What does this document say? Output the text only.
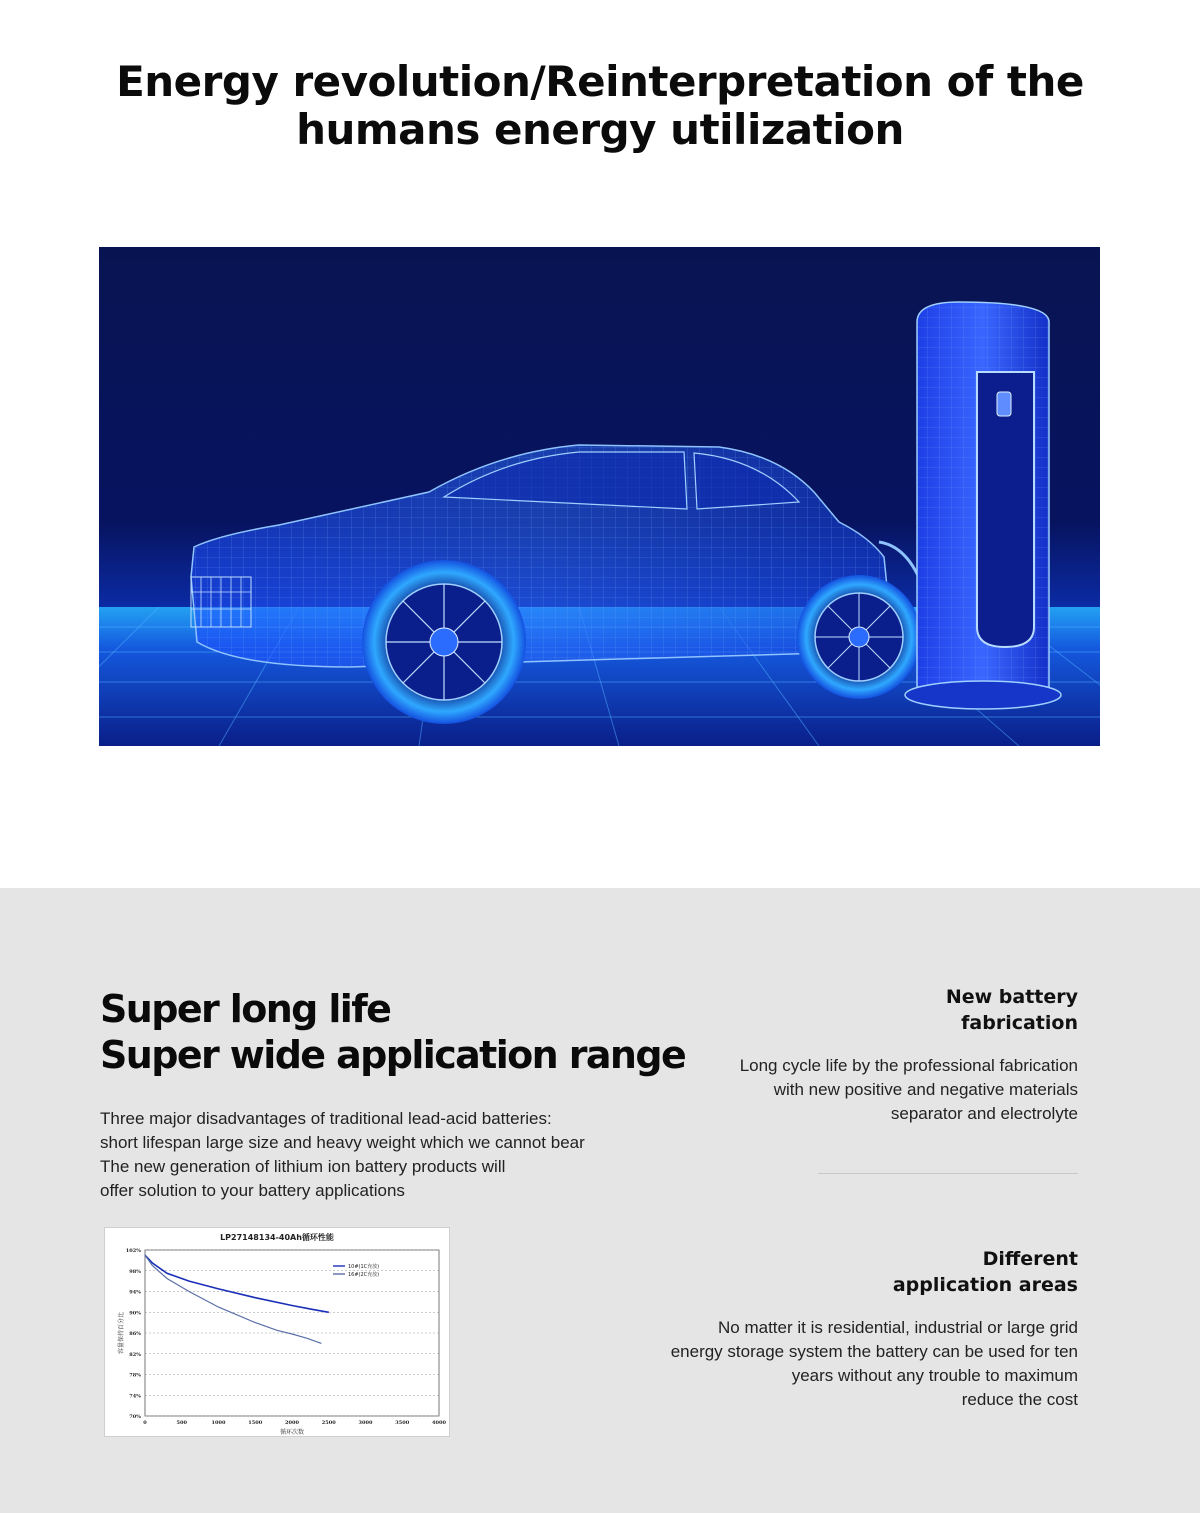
Energy revolution/Reinterpretation of the
humans energy utilization
Super long life
Super wide application range

Three major disadvantages of traditional lead-acid batteries:
short lifespan large size and heavy weight which we cannot bear
The new generation of lithium ion battery products will
offer solution to your battery applications

LP27148134-40Ah循环性能
102%
98%
94%
90%
86%
82%
78%
74%
70%
0	500	1000	1500	2000	2500	3000	3500	4000
循环次数
容量保持百分比
10#(1C充放)
16#(2C充放)
New battery
fabrication

Long cycle life by the professional fabrication
with new positive and negative materials
separator and electrolyte

Different
application areas

No matter it is residential, industrial or large grid
energy storage system the battery can be used for ten
years without any trouble to maximum
reduce the cost
